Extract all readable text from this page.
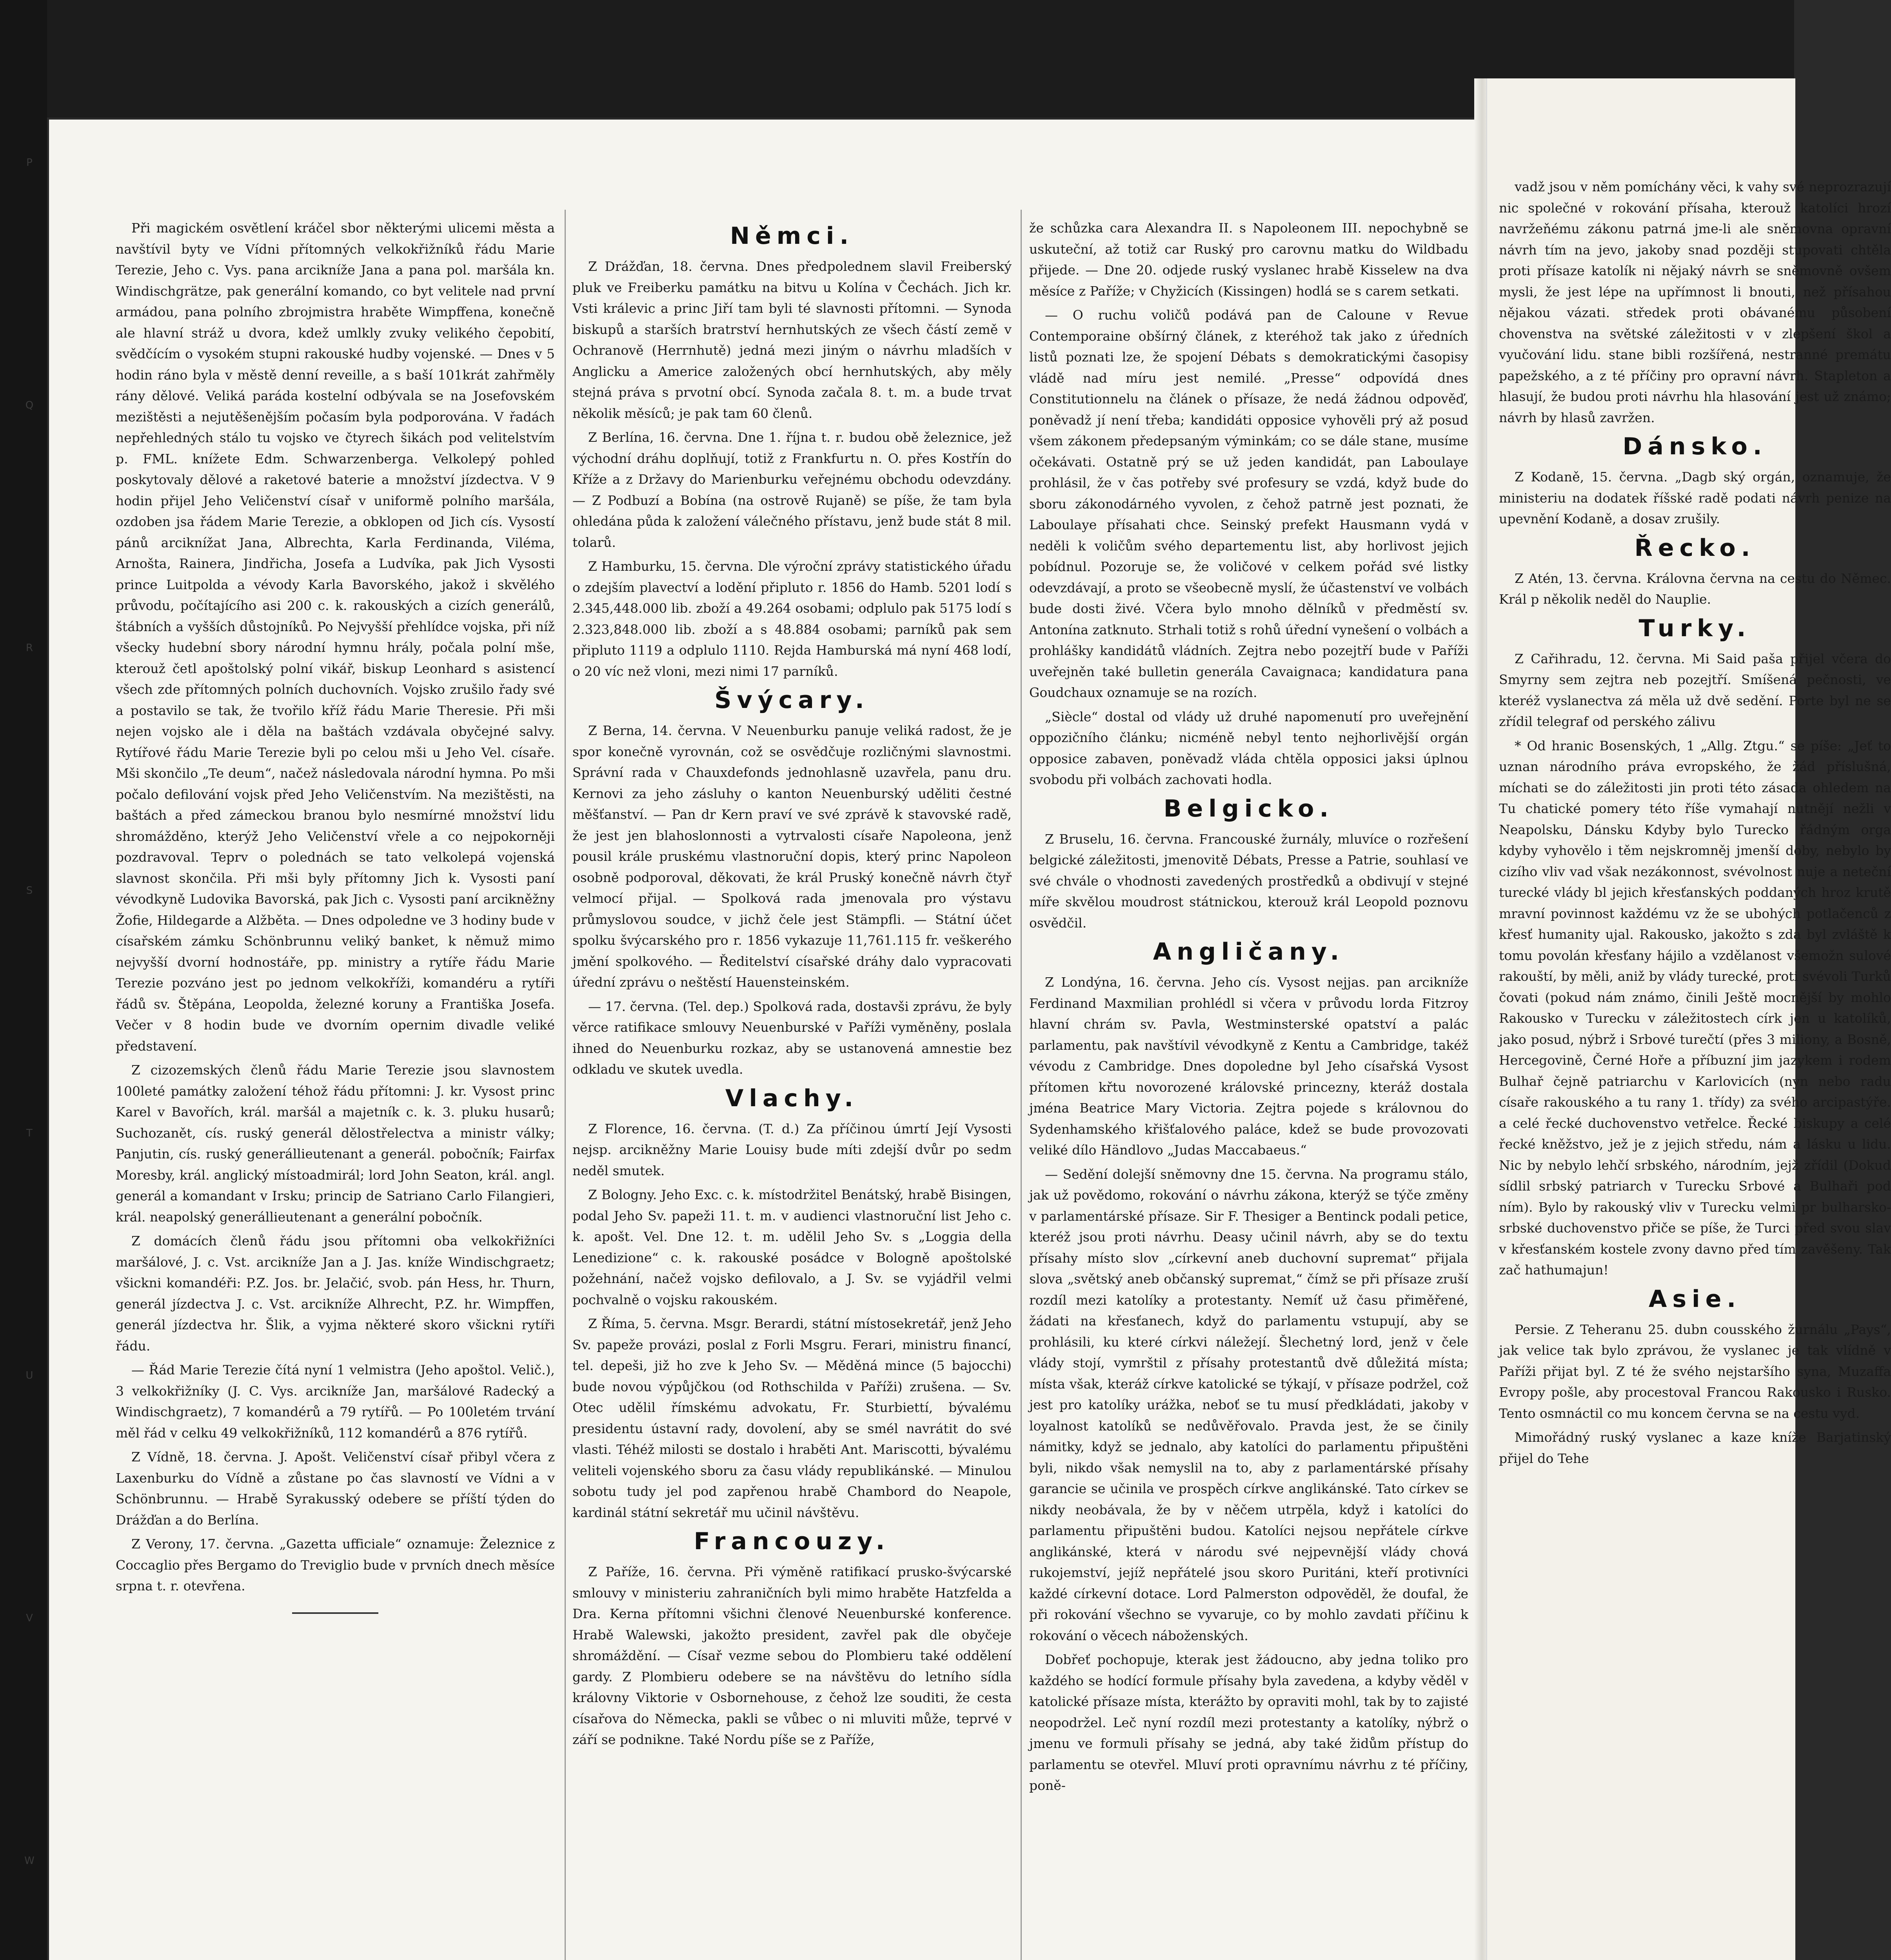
P
Q
R
S
T
U
V
W

Při magickém osvětlení kráčel sbor některými ulicemi města a navštívil byty ve Vídni přítomných velkokřižníků řádu Marie Terezie, Jeho c. Vys. pana arcikníže Jana a pana pol. maršála kn. Windischgrätze, pak generální komando, co byt velitele nad první armádou, pana polního zbrojmistra hraběte Wimpffena, konečně ale hlavní stráž u dvora, kdež umlkly zvuky velikého čepobití, svědčícím o vysokém stupni rakouské hudby vojenské. — Dnes v 5 hodin ráno byla v městě denní reveille, a s baší 101krát zahřměly rány dělové. Veliká paráda kostelní odbývala se na Josefovském mezištěsti a nejutěšenějším počasím byla podporována. V řadách nepřehledných stálo tu vojsko ve čtyrech šikách pod velitelstvím p. FML. knížete Edm. Schwarzenberga. Velkolepý pohled poskytovaly dělové a raketové baterie a množství jízdectva. V 9 hodin přijel Jeho Veličenství císař v uniformě polního maršála, ozdoben jsa řádem Marie Terezie, a obklopen od Jich cís. Vysostí pánů arciknížat Jana, Albrechta, Karla Ferdinanda, Viléma, Arnošta, Rainera, Jindřicha, Josefa a Ludvíka, pak Jich Vysosti prince Luitpolda a vévody Karla Bavorského, jakož i skvělého průvodu, počítajícího asi 200 c. k. rakouských a cizích generálů, štábních a vyšších důstojníků. Po Nejvyšší přehlídce vojska, při níž všecky hudební sbory národní hymnu hrály, počala polní mše, kterouž četl apoštolský polní vikář, biskup Leonhard s asistencí všech zde přítomných polních duchovních. Vojsko zrušilo řady své a postavilo se tak, že tvořilo kříž řádu Marie Theresie. Při mši nejen vojsko ale i děla na baštách vzdávala obyčejné salvy. Rytířové řádu Marie Terezie byli po celou mši u Jeho Vel. císaře. Mši skončilo „Te deum“, načež následovala národní hymna. Po mši počalo defilování vojsk před Jeho Veličenstvím. Na mezištěsti, na baštách a před zámeckou branou bylo nesmírné množství lidu shromážděno, kterýž Jeho Veličenství vřele a co nejpokorněji pozdravoval. Teprv o polednách se tato velkolepá vojenská slavnost skončila. Při mši byly přítomny Jich k. Vysosti paní vévodkyně Ludovika Bavorská, pak Jich c. Vysosti paní arcikněžny Žofie, Hildegarde a Alžběta. — Dnes odpoledne ve 3 hodiny bude v císařském zámku Schönbrunnu veliký banket, k němuž mimo nejvyšší dvorní hodnostáře, pp. ministry a rytíře řádu Marie Terezie pozváno jest po jednom velkokříži, komandéru a rytíři řádů sv. Štěpána, Leopolda, železné koruny a Františka Josefa. Večer v 8 hodin bude ve dvorním opernim divadle veliké představení.

Z cizozemských členů řádu Marie Terezie jsou slavnostem 100leté památky založení téhož řádu přítomni: J. kr. Vysost princ Karel v Bavořích, král. maršál a majetník c. k. 3. pluku husarů; Suchozanět, cís. ruský generál dělostřelectva a ministr války; Panjutin, cís. ruský generállieutenant a generál. pobočník; Fairfax Moresby, král. anglický místoadmirál; lord John Seaton, král. angl. generál a komandant v Irsku; princip de Satriano Carlo Filangieri, král. neapolský generállieutenant a generální pobočník.

Z domácích členů řádu jsou přítomni oba velkokřižníci maršálové, J. c. Vst. arcikníže Jan a J. Jas. kníže Windischgraetz; všickni komandéři: P.Z. Jos. br. Jelačić, svob. pán Hess, hr. Thurn, generál jízdectva J. c. Vst. arcikníže Alhrecht, P.Z. hr. Wimpffen, generál jízdectva hr. Šlik, a vyjma některé skoro všickni rytíři řádu.

— Řád Marie Terezie čítá nyní 1 velmistra (Jeho apoštol. Velič.), 3 velkokřižníky (J. C. Vys. arcikníže Jan, maršálové Radecký a Windischgraetz), 7 komandérů a 79 rytířů. — Po 100letém trvání měl řád v celku 49 velkokřižníků, 112 komandérů a 876 rytířů.

Z Vídně, 18. června. J. Apošt. Veličenství císař přibyl včera z Laxenburku do Vídně a zůstane po čas slavností ve Vídni a v Schönbrunnu. — Hrabě Syrakusský odebere se příští týden do Drážďan a do Berlína.

Z Verony, 17. června. „Gazetta ufficiale“ oznamuje: Železnice z Coccaglio přes Bergamo do Treviglio bude v prvních dnech měsíce srpna t. r. otevřena.

Němci.

Z Drážďan, 18. června. Dnes předpolednem slavil Freiberský pluk ve Freiberku památku na bitvu u Kolína v Čechách. Jich kr. Vsti králevic a princ Jiří tam byli té slavnosti přítomni. — Synoda biskupů a starších bratrství hernhutských ze všech částí země v Ochranově (Herrnhutě) jedná mezi jiným o návrhu mladších v Anglicku a Americe založených obcí hernhutských, aby měly stejná práva s prvotní obcí. Synoda začala 8. t. m. a bude trvat několik měsíců; je pak tam 60 členů.

Z Berlína, 16. června. Dne 1. října t. r. budou obě železnice, jež východní dráhu doplňují, totiž z Frankfurtu n. O. přes Kostřín do Kříže a z Državy do Marienburku veřejnému obchodu odevzdány. — Z Podbuzí a Bobína (na ostrově Rujaně) se píše, že tam byla ohledána půda k založení válečného přístavu, jenž bude stát 8 mil. tolarů.

Z Hamburku, 15. června. Dle výroční zprávy statistického úřadu o zdejším plavectví a lodění připluto r. 1856 do Hamb. 5201 lodí s 2.345,448.000 lib. zboží a 49.264 osobami; odplulo pak 5175 lodí s 2.323,848.000 lib. zboží a s 48.884 osobami; parníků pak sem připluto 1119 a odplulo 1110. Rejda Hamburská má nyní 468 lodí, o 20 víc než vloni, mezi nimi 17 parníků.

Švýcary.

Z Berna, 14. června. V Neuenburku panuje veliká radost, že je spor konečně vyrovnán, což se osvědčuje rozličnými slavnostmi. Správní rada v Chauxdefonds jednohlasně uzavřela, panu dru. Kernovi za jeho zásluhy o kanton Neuenburský uděliti čestné měšťanství. — Pan dr Kern praví ve své zprávě k stavovské radě, že jest jen blahoslonnosti a vytrvalosti císaře Napoleona, jenž pousil krále pruskému vlastnoruční dopis, který princ Napoleon osobně podporoval, děkovati, že král Pruský konečně návrh čtyř velmocí přijal. — Spolková rada jmenovala pro výstavu průmyslovou soudce, v jichž čele jest Stämpfli. — Státní účet spolku švýcarského pro r. 1856 vykazuje 11,761.115 fr. veškerého jmění spolkového. — Ředitelství císařské dráhy dalo vypracovati úřední zprávu o neštěstí Hauensteinském.

— 17. června. (Tel. dep.) Spolková rada, dostavši zprávu, že byly věrce ratifikace smlouvy Neuenburské v Paříži vyměněny, poslala ihned do Neuenburku rozkaz, aby se ustanovená amnestie bez odkladu ve skutek uvedla.

Vlachy.

Z Florence, 16. června. (T. d.) Za příčinou úmrtí Její Vysosti nejsp. arcikněžny Marie Louisy bude míti zdejší dvůr po sedm neděl smutek.

Z Bologny. Jeho Exc. c. k. místodržitel Benátský, hrabě Bisingen, podal Jeho Sv. papeži 11. t. m. v audienci vlastnoruční list Jeho c. k. apošt. Vel. Dne 12. t. m. udělil Jeho Sv. s „Loggia della Lenedizione“ c. k. rakouské posádce v Bologně apoštolské požehnání, načež vojsko defilovalo, a J. Sv. se vyjádřil velmi pochvalně o vojsku rakouském.

Z Říma, 5. června. Msgr. Berardi, státní místosekretář, jenž Jeho Sv. papeže provázi, poslal z Forli Msgru. Ferari, ministru financí, tel. depeši, již ho zve k Jeho Sv. — Měděná mince (5 bajocchi) bude novou výpůjčkou (od Rothschilda v Paříži) zrušena. — Sv. Otec udělil římskému advokatu, Fr. Sturbiettí, bývalému presidentu ústavní rady, dovolení, aby se smél navrátit do své vlasti. Téhéž milosti se dostalo i hraběti Ant. Mariscotti, bývalému veliteli vojenského sboru za času vlády republikánské. — Minulou sobotu tudy jel pod zapřenou hrabě Chambord do Neapole, kardinál státní sekretář mu učinil návštěvu.

Francouzy.

Z Paříže, 16. června. Při výměně ratifikací prusko-švýcarské smlouvy v ministeriu zahraničních byli mimo hraběte Hatzfelda a Dra. Kerna přítomni všichni členové Neuenburské konference. Hrabě Walewski, jakožto president, zavřel pak dle obyčeje shromáždění. — Císař vezme sebou do Plombieru také oddělení gardy. Z Plombieru odebere se na návštěvu do letního sídla královny Viktorie v Osbornehouse, z čehož lze souditi, že cesta císařova do Německa, pakli se vůbec o ni mluviti může, teprvé v září se podnikne. Také Nordu píše se z Paříže,

že schůzka cara Alexandra II. s Napoleonem III. nepochybně se uskuteční, až totiž car Ruský pro carovnu matku do Wildbadu přijede. — Dne 20. odjede ruský vyslanec hrabě Kisselew na dva měsíce z Paříže; v Chyžicích (Kissingen) hodlá se s carem setkati.

— O ruchu voličů podává pan de Caloune v Revue Contemporaine obšírný článek, z kteréhož tak jako z úředních listů poznati lze, že spojení Débats s demokratickými časopisy vládě nad míru jest nemilé. „Presse“ odpovídá dnes Constitutionnelu na článek o přísaze, že nedá žádnou odpověď, poněvadž jí není třeba; kandidáti opposice vyhověli prý až posud všem zákonem předepsaným výminkám; co se dále stane, musíme očekávati. Ostatně prý se už jeden kandidát, pan Laboulaye prohlásil, že v čas potřeby své profesury se vzdá, když bude do sboru zákonodárného vyvolen, z čehož patrně jest poznati, že Laboulaye přísahati chce. Seinský prefekt Hausmann vydá v neděli k voličům svého departementu list, aby horlivost jejich pobídnul. Pozoruje se, že voličové v celkem pořád své listky odevzdávají, a proto se všeobecně myslí, že účastenství ve volbách bude dosti živé. Včera bylo mnoho dělníků v předměstí sv. Antonína zatknuto. Strhali totiž s rohů úřední vynešení o volbách a prohlášky kandidátů vládních. Zejtra nebo pozejtří bude v Paříži uveřejněn také bulletin generála Cavaignaca; kandidatura pana Goudchaux oznamuje se na rozích.

„Siècle“ dostal od vlády už druhé napomenutí pro uveřejnění oppozičního článku; nicméně nebyl tento nejhorlivější orgán opposice zabaven, poněvadž vláda chtěla opposici jaksi úplnou svobodu při volbách zachovati hodla.

Belgicko.

Z Bruselu, 16. června. Francouské žurnály, mluvíce o rozřešení belgické záležitosti, jmenovitě Débats, Presse a Patrie, souhlasí ve své chvále o vhodnosti zavedených prostředků a obdivují v stejné míře skvělou moudrost státnickou, kterouž král Leopold poznovu osvědčil.

Angličany.

Z Londýna, 16. června. Jeho cís. Vysost nejjas. pan arcikníže Ferdinand Maxmilian prohlédl si včera v průvodu lorda Fitzroy hlavní chrám sv. Pavla, Westminsterské opatství a palác parlamentu, pak navštívil vévodkyně z Kentu a Cambridge, takéž vévodu z Cambridge. Dnes dopoledne byl Jeho císařská Vysost přítomen křtu novorozené královské princezny, kteráž dostala jména Beatrice Mary Victoria. Zejtra pojede s královnou do Sydenhamského křišťalového paláce, kdež se bude provozovati veliké dílo Händlovo „Judas Maccabaeus.“

— Sedění dolejší sněmovny dne 15. června. Na programu stálo, jak už povědomo, rokování o návrhu zákona, kterýž se týče změny v parlamentárské přísaze. Sir F. Thesiger a Bentinck podali petice, kteréž jsou proti návrhu. Deasy učinil návrh, aby se do textu přísahy místo slov „církevní aneb duchovní supremat“ přijala slova „světský aneb občanský supremat,“ čímž se při přísaze zruší rozdíl mezi katolíky a protestanty. Nemíť už času přiměřené, žádati na křesťanech, když do parlamentu vstupují, aby se prohlásili, ku které církvi náležejí. Šlechetný lord, jenž v čele vlády stojí, vymrštil z přísahy protestantů dvě důležitá místa; místa však, kteráž církve katolické se týkají, v přísaze podržel, což jest pro katolíky urážka, neboť se tu musí předkládati, jakoby v loyalnost katolíků se nedůvěřovalo. Pravda jest, že se činily námitky, když se jednalo, aby katolíci do parlamentu připuštěni byli, nikdo však nemyslil na to, aby z parlamentárské přísahy garancie se učinila ve prospěch církve anglikánské. Tato církev se nikdy neobávala, že by v něčem utrpěla, když i katolíci do parlamentu připuštěni budou. Katolíci nejsou nepřátele církve anglikánské, která v národu své nejpevnější vlády chová rukojemství, jejíž nepřátelé jsou skoro Puritáni, kteří protivníci každé církevní dotace. Lord Palmerston odpověděl, že doufal, že při rokování všechno se vyvaruje, co by mohlo zavdati příčinu k rokování o věcech náboženských.

Dobřeť pochopuje, kterak jest žádoucno, aby jedna toliko pro každého se hodící formule přísahy byla zavedena, a kdyby věděl v katolické přísaze místa, kterážto by opraviti mohl, tak by to zajisté neopodržel. Leč nyní rozdíl mezi protestanty a katolíky, nýbrž o jmenu ve formuli přísahy se jedná, aby také židům přístup do parlamentu se otevřel. Mluví proti opravnímu návrhu z té příčiny, poně-

vadž jsou v něm pomíchány věci, k vahy své neprozrazují nic společné v rokování přísaha, kterouž katolíci hrozí navržeňému zákonu patrná jme-li ale sněmovna opravní návrh tím na jevo, jakoby snad později stupovati chtěla proti přísaze katolík ni nějaký návrh se sněmovně ovšem mysli, že jest lépe na upřímnost li bnouti, než přísahou nějakou vázati. středek proti obávanému působení chovenstva na světské záležitosti v v zlepšení škol a vyučování lidu. stane bibli rozšířená, nestranné premátu papežského, a z té příčiny pro opravní návrh. Stapleton a hlasují, že budou proti návrhu hla hlasování jest už známo; návrh by hlasů zavržen.

Dánsko.

Z Kodaně, 15. června. „Dagb ský orgán, oznamuje, že ministeriu na dodatek říšské radě podati návrh penize na upevnění Kodaně, a dosav zrušily.

Řecko.

Z Atén, 13. června. Královna června na cestu do Němec. Král p několik neděl do Nauplie.

Turky.

Z Cařihradu, 12. června. Mi Said paša přijel včera do Smyrny sem zejtra neb pozejtří. Smíšená pečnosti, ve kteréž vyslanectva zá měla už dvě sedění. Porte byl ne se zřídil telegraf od perského zálivu

* Od hranic Bosenských, 1 „Allg. Ztgu.“ se píše: „Jeť to uznan národního práva evropského, že žád příslušná, míchati se do záležitosti jin proti této zásada ohledem na Tu chatické pomery této říše vymahají nutnějí nežli v Neapolsku, Dánsku Kdyby bylo Turecko řádným orga kdyby vyhovělo i těm nejskromněj jmenší doby, nebylo by cizího vliv vad však nezákonnost, svévolnost nuje a neteční turecké vlády bl jejich křesťanských poddaných hroz krutě mravní povinnost každému vz že se ubohých potlačenců z křesť humanity ujal. Rakousko, jakožto s zda byl zvláště k tomu povolán křesťany hájilo a vzdělanost všemožn sulové rakouští, by měli, aniž by vlády turecké, proti svévoli Turků čovati (pokud nám známo, činili Ještě mocnější by mohlo Rakousko v Turecku v záležitostech círk jen u katolíků, jako posud, nýbrž i Srbové turečtí (přes 3 miliony, a Bosně, Hercegovině, Černé Hoře a příbuzní jim jazykem i rodem Bulhař čejně patriarchu v Karlovicích (nyn nebo radu císaře rakouského a tu rany 1. třídy) za svého arcipastýře. a celé řecké duchovenstvo vetřelce. Řecké biskupy a celé řecké kněžstvo, jež je z jejich středu, nám a lásku u lidu. Nic by nebylo lehčí srbského, národním, jejž zřídil (Dokud sídlil srbský patriarch v Turecku Srbové a Bulhaři pod ním). Bylo by rakouský vliv v Turecku velmi pr bulharsko-srbské duchovenstvo přiče se píše, že Turci před svou slav v křesťanském kostele zvony davno před tím zavěšeny. Tak zač hathumajun!

Asie.

Persie. Z Teheranu 25. dubn cousského žurnálu „Pays“, jak velice tak bylo zprávou, že vyslanec je tak vlídně v Paříži přijat byl. Z té že svého nejstaršího syna, Muzaffa Evropy pošle, aby procestoval Francou Rakousko i Rusko. Tento osmnáctil co mu koncem června se na cestu vyd.

Mimořádný ruský vyslanec a kaze kníže Barjatinský přijel do Tehe
